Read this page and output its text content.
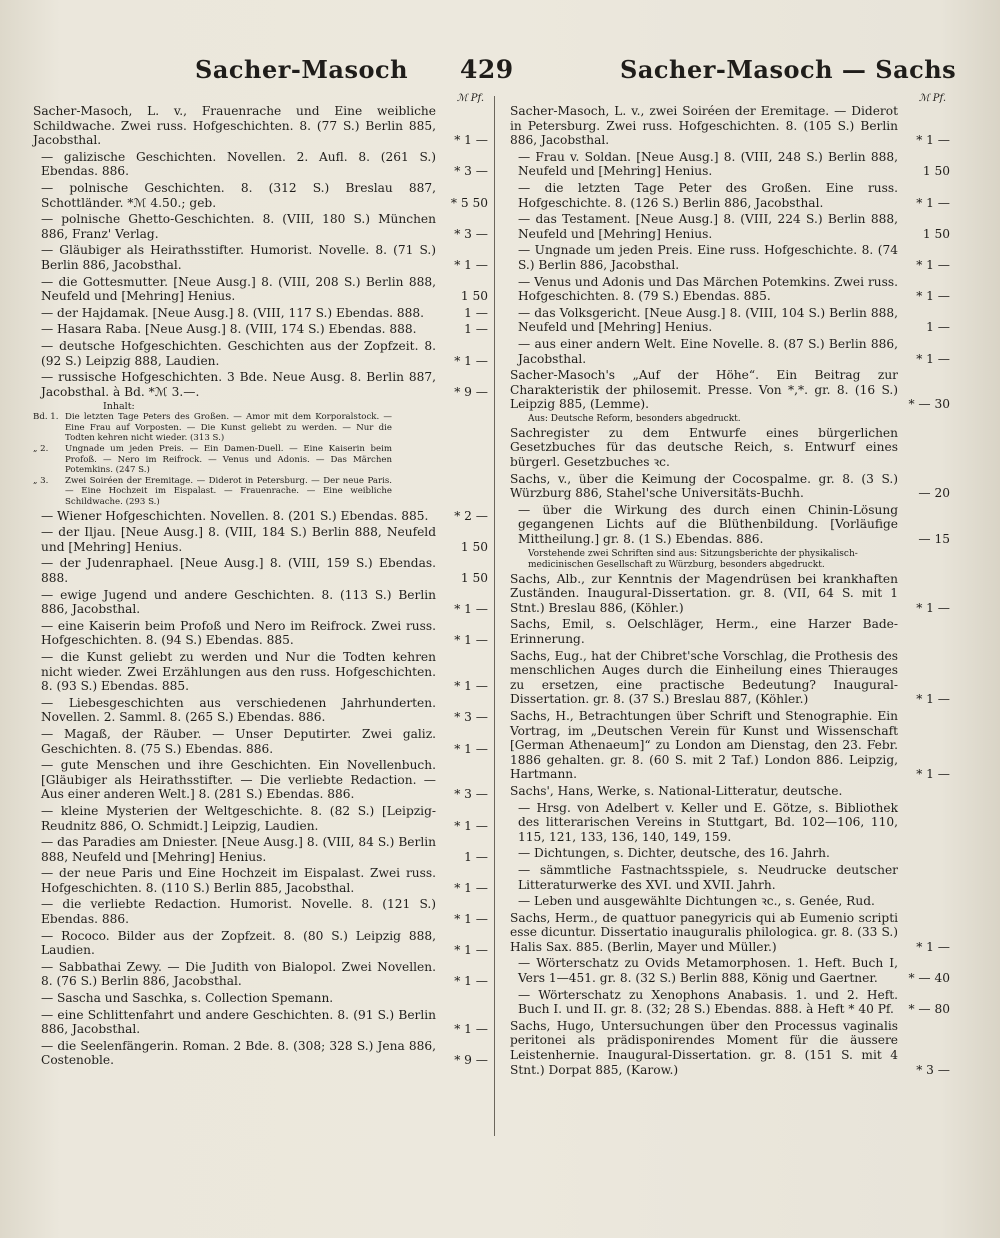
Sacher-Masoch 429	Sacher-Masoch — Sachs
ℳ Pf.
Sacher-Masoch, L. v., Frauenrache und Eine weibliche Schildwache. Zwei russ. Hofgeschichten. 8. (77 S.) Berlin 885, Jacobsthal.	* 1 —
— galizische Geschichten. Novellen. 2. Aufl. 8. (261 S.) Ebendas. 886.	* 3 —
— polnische Geschichten. 8. (312 S.) Breslau 887, Schottländer. *ℳ 4.50.; geb.	* 5 50
— polnische Ghetto-Geschichten. 8. (VIII, 180 S.) München 886, Franz' Verlag.	* 3 —
— Gläubiger als Heirathsstifter. Humorist. Novelle. 8. (71 S.) Berlin 886, Jacobsthal.	* 1 —
— die Gottesmutter. [Neue Ausg.] 8. (VIII, 208 S.) Berlin 888, Neufeld und [Mehring] Henius.	1 50
— der Hajdamak. [Neue Ausg.] 8. (VIII, 117 S.) Ebendas. 888.	1 —
— Hasara Raba. [Neue Ausg.] 8. (VIII, 174 S.) Ebendas. 888.	1 —
— deutsche Hofgeschichten. Geschichten aus der Zopfzeit. 8. (92 S.) Leipzig 888, Laudien.	* 1 —
— russische Hofgeschichten. 3 Bde. Neue Ausg. 8. Berlin 887, Jacobsthal. à Bd. *ℳ 3.—.	* 9 —
Inhalt:
Bd. 1. Die letzten Tage Peters des Großen. — Amor mit dem Korporalstock. — Eine Frau auf Vorposten. — Die Kunst geliebt zu werden. — Nur die Todten kehren nicht wieder. (313 S.)
„ 2.	Ungnade um jeden Preis. — Ein Damen-Duell. — Eine Kaiserin beim Profoß. — Nero im Reifrock. — Venus und Adonis. — Das Märchen Potemkins. (247 S.)
„ 3.	Zwei Soiréen der Eremitage. — Diderot in Petersburg. — Der neue Paris. — Eine Hochzeit im Eispalast. — Frauenrache. — Eine weibliche Schildwache. (293 S.)
— Wiener Hofgeschichten. Novellen. 8. (201 S.) Ebendas. 885.	* 2 —
— der Iljau. [Neue Ausg.] 8. (VIII, 184 S.) Berlin 888, Neufeld und [Mehring] Henius.	1 50
— der Judenraphael. [Neue Ausg.] 8. (VIII, 159 S.) Ebendas. 888.	1 50
— ewige Jugend und andere Geschichten. 8. (113 S.) Berlin 886, Jacobsthal.	* 1 —
— eine Kaiserin beim Profoß und Nero im Reifrock. Zwei russ. Hofgeschichten. 8. (94 S.) Ebendas. 885.	* 1 —
— die Kunst geliebt zu werden und Nur die Todten kehren nicht wieder. Zwei Erzählungen aus den russ. Hofgeschichten. 8. (93 S.) Ebendas. 885.	* 1 —
— Liebesgeschichten aus verschiedenen Jahrhunderten. Novellen. 2. Samml. 8. (265 S.) Ebendas. 886.	* 3 —
— Magaß, der Räuber. — Unser Deputirter. Zwei galiz. Geschichten. 8. (75 S.) Ebendas. 886.	* 1 —
— gute Menschen und ihre Geschichten. Ein Novellenbuch. [Gläubiger als Heirathsstifter. — Die verliebte Redaction. — Aus einer anderen Welt.] 8. (281 S.) Ebendas. 886.	* 3 —
— kleine Mysterien der Weltgeschichte. 8. (82 S.) [Leipzig-Reudnitz 886, O. Schmidt.] Leipzig, Laudien.	* 1 —
— das Paradies am Dniester. [Neue Ausg.] 8. (VIII, 84 S.) Berlin 888, Neufeld und [Mehring] Henius.	1 —
— der neue Paris und Eine Hochzeit im Eispalast. Zwei russ. Hofgeschichten. 8. (110 S.) Berlin 885, Jacobsthal.	* 1 —
— die verliebte Redaction. Humorist. Novelle. 8. (121 S.) Ebendas. 886.	* 1 —
— Rococo. Bilder aus der Zopfzeit. 8. (80 S.) Leipzig 888, Laudien.	* 1 —
— Sabbathai Zewy. — Die Judith von Bialopol. Zwei Novellen. 8. (76 S.) Berlin 886, Jacobsthal.	* 1 —
— Sascha und Saschka, s. Collection Spemann.
— eine Schlittenfahrt und andere Geschichten. 8. (91 S.) Berlin 886, Jacobsthal.	* 1 —
— die Seelenfängerin. Roman. 2 Bde. 8. (308; 328 S.) Jena 886, Costenoble.	* 9 —
ℳ Pf.
Sacher-Masoch, L. v., zwei Soiréen der Eremitage. — Diderot in Petersburg. Zwei russ. Hofgeschichten. 8. (105 S.) Berlin 886, Jacobsthal.	* 1 —
— Frau v. Soldan. [Neue Ausg.] 8. (VIII, 248 S.) Berlin 888, Neufeld und [Mehring] Henius.	1 50
— die letzten Tage Peter des Großen. Eine russ. Hofgeschichte. 8. (126 S.) Berlin 886, Jacobsthal.	* 1 —
— das Testament. [Neue Ausg.] 8. (VIII, 224 S.) Berlin 888, Neufeld und [Mehring] Henius.	1 50
— Ungnade um jeden Preis. Eine russ. Hofgeschichte. 8. (74 S.) Berlin 886, Jacobsthal.	* 1 —
— Venus und Adonis und Das Märchen Potemkins. Zwei russ. Hofgeschichten. 8. (79 S.) Ebendas. 885.	* 1 —
— das Volksgericht. [Neue Ausg.] 8. (VIII, 104 S.) Berlin 888, Neufeld und [Mehring] Henius.	1 —
— aus einer andern Welt. Eine Novelle. 8. (87 S.) Berlin 886, Jacobsthal.	* 1 —
Sacher-Masoch's „Auf der Höhe“. Ein Beitrag zur Charakteristik der philosemit. Presse. Von *,*. gr. 8. (16 S.) Leipzig 885, (Lemme).	* — 30
Aus: Deutsche Reform, besonders abgedruckt.
Sachregister zu dem Entwurfe eines bürgerlichen Gesetzbuches für das deutsche Reich, s. Entwurf eines bürgerl. Gesetzbuches ꝛc.
Sachs, v., über die Keimung der Cocospalme. gr. 8. (3 S.) Würzburg 886, Stahel'sche Universitäts-Buchh.	— 20
— über die Wirkung des durch einen Chinin-Lösung gegangenen Lichts auf die Blüthenbildung. [Vorläufige Mittheilung.] gr. 8. (1 S.) Ebendas. 886.	— 15
Vorstehende zwei Schriften sind aus: Sitzungsberichte der physikalisch-medicinischen Gesellschaft zu Würzburg, besonders abgedruckt.
Sachs, Alb., zur Kenntnis der Magendrüsen bei krankhaften Zuständen. Inaugural-Dissertation. gr. 8. (VII, 64 S. mit 1 Stnt.) Breslau 886, (Köhler.)	* 1 —
Sachs, Emil, s. Oelschläger, Herm., eine Harzer Bade-Erinnerung.
Sachs, Eug., hat der Chibret'sche Vorschlag, die Prothesis des menschlichen Auges durch die Einheilung eines Thierauges zu ersetzen, eine practische Bedeutung? Inaugural-Dissertation. gr. 8. (37 S.) Breslau 887, (Köhler.)	* 1 —
Sachs, H., Betrachtungen über Schrift und Stenographie. Ein Vortrag, im „Deutschen Verein für Kunst und Wissenschaft [German Athenaeum]“ zu London am Dienstag, den 23. Febr. 1886 gehalten. gr. 8. (60 S. mit 2 Taf.) London 886. Leipzig, Hartmann.	* 1 —
Sachs', Hans, Werke, s. National-Litteratur, deutsche.
— Hrsg. von Adelbert v. Keller und E. Götze, s. Bibliothek des litterarischen Vereins in Stuttgart, Bd. 102—106, 110, 115, 121, 133, 136, 140, 149, 159.
— Dichtungen, s. Dichter, deutsche, des 16. Jahrh.
— sämmtliche Fastnachtsspiele, s. Neudrucke deutscher Litteraturwerke des XVI. und XVII. Jahrh.
— Leben und ausgewählte Dichtungen ꝛc., s. Genée, Rud.
Sachs, Herm., de quattuor panegyricis qui ab Eumenio scripti esse dicuntur. Dissertatio inauguralis philologica. gr. 8. (33 S.) Halis Sax. 885. (Berlin, Mayer und Müller.)	* 1 —
— Wörterschatz zu Ovids Metamorphosen. 1. Heft. Buch I, Vers 1—451. gr. 8. (32 S.) Berlin 888, König und Gaertner.	* — 40
— Wörterschatz zu Xenophons Anabasis. 1. und 2. Heft. Buch I. und II. gr. 8. (32; 28 S.) Ebendas. 888. à Heft * 40 Pf.	* — 80
Sachs, Hugo, Untersuchungen über den Processus vaginalis peritonei als prädisponirendes Moment für die äussere Leistenhernie. Inaugural-Dissertation. gr. 8. (151 S. mit 4 Stnt.) Dorpat 885, (Karow.)	* 3 —
